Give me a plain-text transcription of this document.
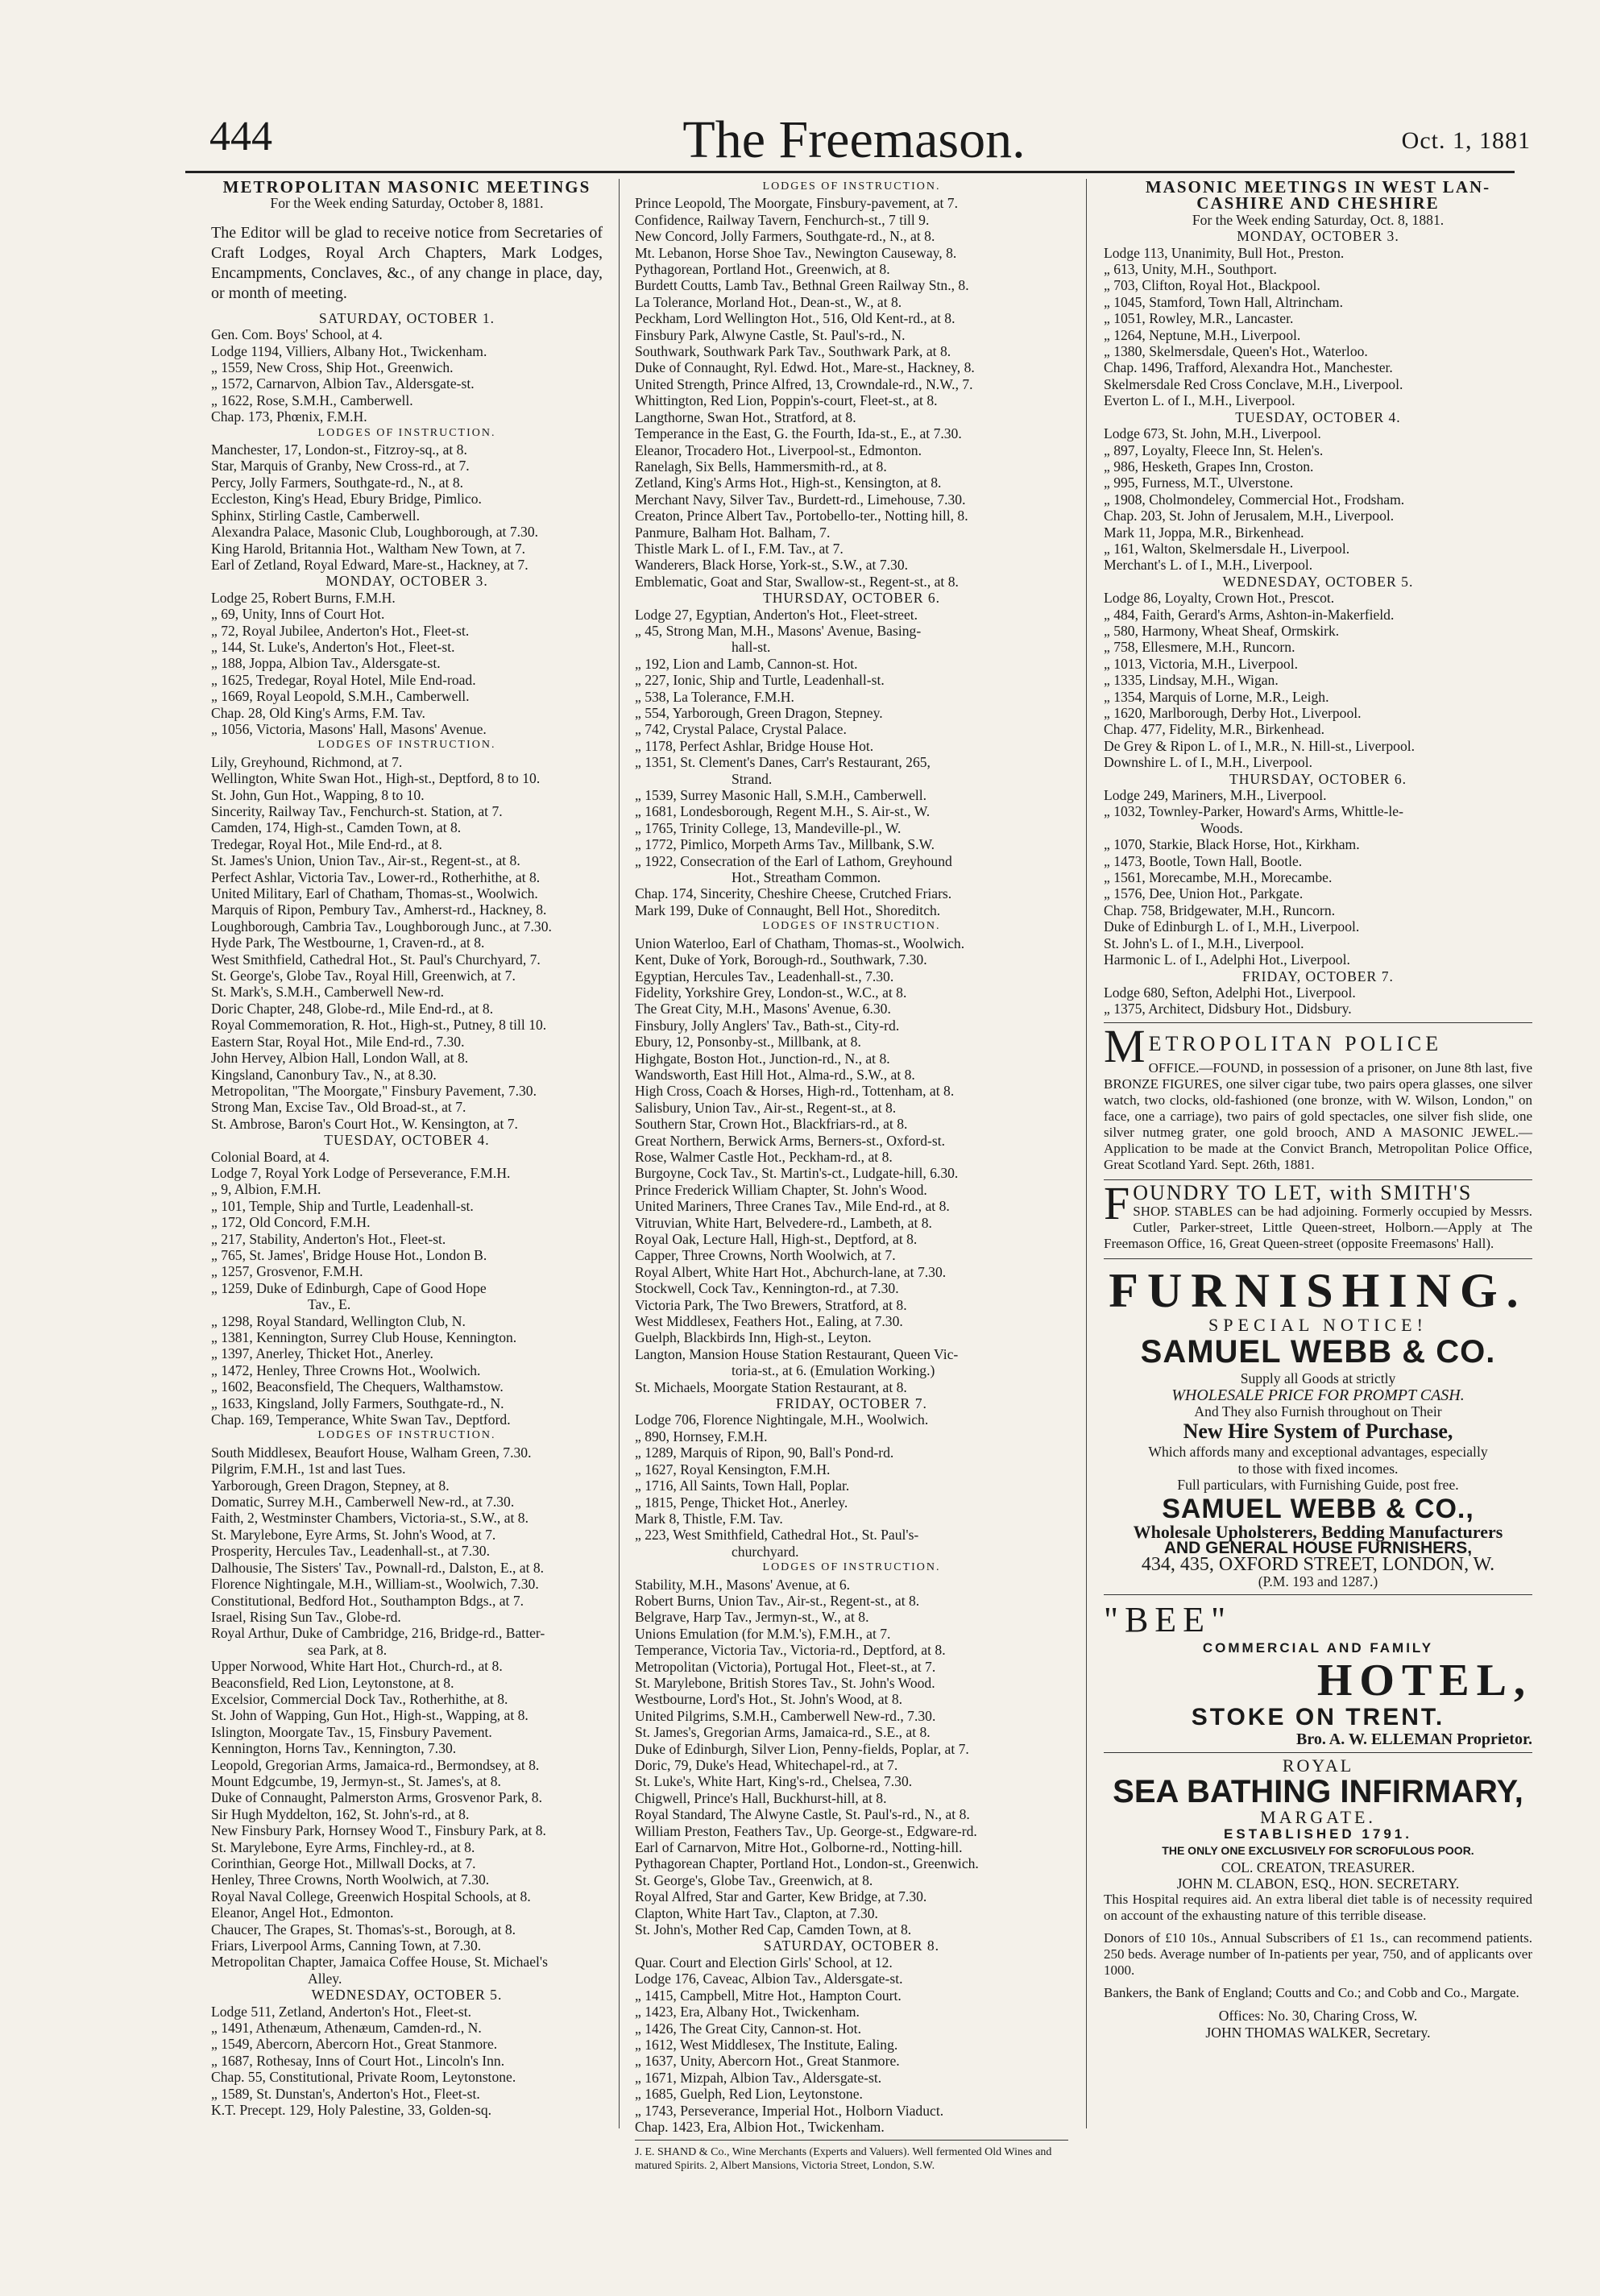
444	The Freemason.	Oct. 1, 1881
METROPOLITAN MASONIC MEETINGS
For the Week ending Saturday, October 8, 1881.
The Editor will be glad to receive notice from Secretaries of Craft Lodges, Royal Arch Chapters, Mark Lodges, Encampments, Conclaves, &c., of any change in place, day, or month of meeting.
SATURDAY, OCTOBER 1.
Gen. Com. Boys' School, at 4.
Lodge 1194, Villiers, Albany Hot., Twickenham.
„ 1559, New Cross, Ship Hot., Greenwich.
„ 1572, Carnarvon, Albion Tav., Aldersgate-st.
„ 1622, Rose, S.M.H., Camberwell.
Chap. 173, Phœnix, F.M.H.
LODGES OF INSTRUCTION.
Manchester, 17, London-st., Fitzroy-sq., at 8.
Star, Marquis of Granby, New Cross-rd., at 7.
Percy, Jolly Farmers, Southgate-rd., N., at 8.
Eccleston, King's Head, Ebury Bridge, Pimlico.
Sphinx, Stirling Castle, Camberwell.
Alexandra Palace, Masonic Club, Loughborough, at 7.30.
King Harold, Britannia Hot., Waltham New Town, at 7.
Earl of Zetland, Royal Edward, Mare-st., Hackney, at 7.
MONDAY, OCTOBER 3.
Lodge 25, Robert Burns, F.M.H.
„ 69, Unity, Inns of Court Hot.
„ 72, Royal Jubilee, Anderton's Hot., Fleet-st.
„ 144, St. Luke's, Anderton's Hot., Fleet-st.
„ 188, Joppa, Albion Tav., Aldersgate-st.
„ 1625, Tredegar, Royal Hotel, Mile End-road.
„ 1669, Royal Leopold, S.M.H., Camberwell.
Chap. 28, Old King's Arms, F.M. Tav.
„ 1056, Victoria, Masons' Hall, Masons' Avenue.
LODGES OF INSTRUCTION.
Lily, Greyhound, Richmond, at 7.
Wellington, White Swan Hot., High-st., Deptford, 8 to 10.
St. John, Gun Hot., Wapping, 8 to 10.
Sincerity, Railway Tav., Fenchurch-st. Station, at 7.
Camden, 174, High-st., Camden Town, at 8.
Tredegar, Royal Hot., Mile End-rd., at 8.
St. James's Union, Union Tav., Air-st., Regent-st., at 8.
Perfect Ashlar, Victoria Tav., Lower-rd., Rotherhithe, at 8.
United Military, Earl of Chatham, Thomas-st., Woolwich.
Marquis of Ripon, Pembury Tav., Amherst-rd., Hackney, 8.
Loughborough, Cambria Tav., Loughborough Junc., at 7.30.
Hyde Park, The Westbourne, 1, Craven-rd., at 8.
West Smithfield, Cathedral Hot., St. Paul's Churchyard, 7.
St. George's, Globe Tav., Royal Hill, Greenwich, at 7.
St. Mark's, S.M.H., Camberwell New-rd.
Doric Chapter, 248, Globe-rd., Mile End-rd., at 8.
Royal Commemoration, R. Hot., High-st., Putney, 8 till 10.
Eastern Star, Royal Hot., Mile End-rd., 7.30.
John Hervey, Albion Hall, London Wall, at 8.
Kingsland, Canonbury Tav., N., at 8.30.
Metropolitan, "The Moorgate," Finsbury Pavement, 7.30.
Strong Man, Excise Tav., Old Broad-st., at 7.
St. Ambrose, Baron's Court Hot., W. Kensington, at 7.
TUESDAY, OCTOBER 4.
Colonial Board, at 4.
Lodge 7, Royal York Lodge of Perseverance, F.M.H.
„ 9, Albion, F.M.H.
„ 101, Temple, Ship and Turtle, Leadenhall-st.
„ 172, Old Concord, F.M.H.
„ 217, Stability, Anderton's Hot., Fleet-st.
„ 765, St. James', Bridge House Hot., London B.
„ 1257, Grosvenor, F.M.H.
„ 1259, Duke of Edinburgh, Cape of Good Hope
Tav., E.
„ 1298, Royal Standard, Wellington Club, N.
„ 1381, Kennington, Surrey Club House, Kennington.
„ 1397, Anerley, Thicket Hot., Anerley.
„ 1472, Henley, Three Crowns Hot., Woolwich.
„ 1602, Beaconsfield, The Chequers, Walthamstow.
„ 1633, Kingsland, Jolly Farmers, Southgate-rd., N.
Chap. 169, Temperance, White Swan Tav., Deptford.
LODGES OF INSTRUCTION.
South Middlesex, Beaufort House, Walham Green, 7.30.
Pilgrim, F.M.H., 1st and last Tues.
Yarborough, Green Dragon, Stepney, at 8.
Domatic, Surrey M.H., Camberwell New-rd., at 7.30.
Faith, 2, Westminster Chambers, Victoria-st., S.W., at 8.
St. Marylebone, Eyre Arms, St. John's Wood, at 7.
Prosperity, Hercules Tav., Leadenhall-st., at 7.30.
Dalhousie, The Sisters' Tav., Pownall-rd., Dalston, E., at 8.
Florence Nightingale, M.H., William-st., Woolwich, 7.30.
Constitutional, Bedford Hot., Southampton Bdgs., at 7.
Israel, Rising Sun Tav., Globe-rd.
Royal Arthur, Duke of Cambridge, 216, Bridge-rd., Batter-
sea Park, at 8.
Upper Norwood, White Hart Hot., Church-rd., at 8.
Beaconsfield, Red Lion, Leytonstone, at 8.
Excelsior, Commercial Dock Tav., Rotherhithe, at 8.
St. John of Wapping, Gun Hot., High-st., Wapping, at 8.
Islington, Moorgate Tav., 15, Finsbury Pavement.
Kennington, Horns Tav., Kennington, 7.30.
Leopold, Gregorian Arms, Jamaica-rd., Bermondsey, at 8.
Mount Edgcumbe, 19, Jermyn-st., St. James's, at 8.
Duke of Connaught, Palmerston Arms, Grosvenor Park, 8.
Sir Hugh Myddelton, 162, St. John's-rd., at 8.
New Finsbury Park, Hornsey Wood T., Finsbury Park, at 8.
St. Marylebone, Eyre Arms, Finchley-rd., at 8.
Corinthian, George Hot., Millwall Docks, at 7.
Henley, Three Crowns, North Woolwich, at 7.30.
Royal Naval College, Greenwich Hospital Schools, at 8.
Eleanor, Angel Hot., Edmonton.
Chaucer, The Grapes, St. Thomas's-st., Borough, at 8.
Friars, Liverpool Arms, Canning Town, at 7.30.
Metropolitan Chapter, Jamaica Coffee House, St. Michael's
Alley.
WEDNESDAY, OCTOBER 5.
Lodge 511, Zetland, Anderton's Hot., Fleet-st.
„ 1491, Athenæum, Athenæum, Camden-rd., N.
„ 1549, Abercorn, Abercorn Hot., Great Stanmore.
„ 1687, Rothesay, Inns of Court Hot., Lincoln's Inn.
Chap. 55, Constitutional, Private Room, Leytonstone.
„ 1589, St. Dunstan's, Anderton's Hot., Fleet-st.
K.T. Precept. 129, Holy Palestine, 33, Golden-sq.
LODGES OF INSTRUCTION.
Prince Leopold, The Moorgate, Finsbury-pavement, at 7.
Confidence, Railway Tavern, Fenchurch-st., 7 till 9.
New Concord, Jolly Farmers, Southgate-rd., N., at 8.
Mt. Lebanon, Horse Shoe Tav., Newington Causeway, 8.
Pythagorean, Portland Hot., Greenwich, at 8.
Burdett Coutts, Lamb Tav., Bethnal Green Railway Stn., 8.
La Tolerance, Morland Hot., Dean-st., W., at 8.
Peckham, Lord Wellington Hot., 516, Old Kent-rd., at 8.
Finsbury Park, Alwyne Castle, St. Paul's-rd., N.
Southwark, Southwark Park Tav., Southwark Park, at 8.
Duke of Connaught, Ryl. Edwd. Hot., Mare-st., Hackney, 8.
United Strength, Prince Alfred, 13, Crowndale-rd., N.W., 7.
Whittington, Red Lion, Poppin's-court, Fleet-st., at 8.
Langthorne, Swan Hot., Stratford, at 8.
Temperance in the East, G. the Fourth, Ida-st., E., at 7.30.
Eleanor, Trocadero Hot., Liverpool-st., Edmonton.
Ranelagh, Six Bells, Hammersmith-rd., at 8.
Zetland, King's Arms Hot., High-st., Kensington, at 8.
Merchant Navy, Silver Tav., Burdett-rd., Limehouse, 7.30.
Creaton, Prince Albert Tav., Portobello-ter., Notting hill, 8.
Panmure, Balham Hot. Balham, 7.
Thistle Mark L. of I., F.M. Tav., at 7.
Wanderers, Black Horse, York-st., S.W., at 7.30.
Emblematic, Goat and Star, Swallow-st., Regent-st., at 8.
THURSDAY, OCTOBER 6.
Lodge 27, Egyptian, Anderton's Hot., Fleet-street.
„ 45, Strong Man, M.H., Masons' Avenue, Basing-
hall-st.
„ 192, Lion and Lamb, Cannon-st. Hot.
„ 227, Ionic, Ship and Turtle, Leadenhall-st.
„ 538, La Tolerance, F.M.H.
„ 554, Yarborough, Green Dragon, Stepney.
„ 742, Crystal Palace, Crystal Palace.
„ 1178, Perfect Ashlar, Bridge House Hot.
„ 1351, St. Clement's Danes, Carr's Restaurant, 265,
Strand.
„ 1539, Surrey Masonic Hall, S.M.H., Camberwell.
„ 1681, Londesborough, Regent M.H., S. Air-st., W.
„ 1765, Trinity College, 13, Mandeville-pl., W.
„ 1772, Pimlico, Morpeth Arms Tav., Millbank, S.W.
„ 1922, Consecration of the Earl of Lathom, Greyhound
Hot., Streatham Common.
Chap. 174, Sincerity, Cheshire Cheese, Crutched Friars.
Mark 199, Duke of Connaught, Bell Hot., Shoreditch.
LODGES OF INSTRUCTION.
Union Waterloo, Earl of Chatham, Thomas-st., Woolwich.
Kent, Duke of York, Borough-rd., Southwark, 7.30.
Egyptian, Hercules Tav., Leadenhall-st., 7.30.
Fidelity, Yorkshire Grey, London-st., W.C., at 8.
The Great City, M.H., Masons' Avenue, 6.30.
Finsbury, Jolly Anglers' Tav., Bath-st., City-rd.
Ebury, 12, Ponsonby-st., Millbank, at 8.
Highgate, Boston Hot., Junction-rd., N., at 8.
Wandsworth, East Hill Hot., Alma-rd., S.W., at 8.
High Cross, Coach & Horses, High-rd., Tottenham, at 8.
Salisbury, Union Tav., Air-st., Regent-st., at 8.
Southern Star, Crown Hot., Blackfriars-rd., at 8.
Great Northern, Berwick Arms, Berners-st., Oxford-st.
Rose, Walmer Castle Hot., Peckham-rd., at 8.
Burgoyne, Cock Tav., St. Martin's-ct., Ludgate-hill, 6.30.
Prince Frederick William Chapter, St. John's Wood.
United Mariners, Three Cranes Tav., Mile End-rd., at 8.
Vitruvian, White Hart, Belvedere-rd., Lambeth, at 8.
Royal Oak, Lecture Hall, High-st., Deptford, at 8.
Capper, Three Crowns, North Woolwich, at 7.
Royal Albert, White Hart Hot., Abchurch-lane, at 7.30.
Stockwell, Cock Tav., Kennington-rd., at 7.30.
Victoria Park, The Two Brewers, Stratford, at 8.
West Middlesex, Feathers Hot., Ealing, at 7.30.
Guelph, Blackbirds Inn, High-st., Leyton.
Langton, Mansion House Station Restaurant, Queen Vic-
toria-st., at 6. (Emulation Working.)
St. Michaels, Moorgate Station Restaurant, at 8.
FRIDAY, OCTOBER 7.
Lodge 706, Florence Nightingale, M.H., Woolwich.
„ 890, Hornsey, F.M.H.
„ 1289, Marquis of Ripon, 90, Ball's Pond-rd.
„ 1627, Royal Kensington, F.M.H.
„ 1716, All Saints, Town Hall, Poplar.
„ 1815, Penge, Thicket Hot., Anerley.
Mark 8, Thistle, F.M. Tav.
„ 223, West Smithfield, Cathedral Hot., St. Paul's-
churchyard.
LODGES OF INSTRUCTION.
Stability, M.H., Masons' Avenue, at 6.
Robert Burns, Union Tav., Air-st., Regent-st., at 8.
Belgrave, Harp Tav., Jermyn-st., W., at 8.
Unions Emulation (for M.M.'s), F.M.H., at 7.
Temperance, Victoria Tav., Victoria-rd., Deptford, at 8.
Metropolitan (Victoria), Portugal Hot., Fleet-st., at 7.
St. Marylebone, British Stores Tav., St. John's Wood.
Westbourne, Lord's Hot., St. John's Wood, at 8.
United Pilgrims, S.M.H., Camberwell New-rd., 7.30.
St. James's, Gregorian Arms, Jamaica-rd., S.E., at 8.
Duke of Edinburgh, Silver Lion, Penny-fields, Poplar, at 7.
Doric, 79, Duke's Head, Whitechapel-rd., at 7.
St. Luke's, White Hart, King's-rd., Chelsea, 7.30.
Chigwell, Prince's Hall, Buckhurst-hill, at 8.
Royal Standard, The Alwyne Castle, St. Paul's-rd., N., at 8.
William Preston, Feathers Tav., Up. George-st., Edgware-rd.
Earl of Carnarvon, Mitre Hot., Golborne-rd., Notting-hill.
Pythagorean Chapter, Portland Hot., London-st., Greenwich.
St. George's, Globe Tav., Greenwich, at 8.
Royal Alfred, Star and Garter, Kew Bridge, at 7.30.
Clapton, White Hart Tav., Clapton, at 7.30.
St. John's, Mother Red Cap, Camden Town, at 8.
SATURDAY, OCTOBER 8.
Quar. Court and Election Girls' School, at 12.
Lodge 176, Caveac, Albion Tav., Aldersgate-st.
„ 1415, Campbell, Mitre Hot., Hampton Court.
„ 1423, Era, Albany Hot., Twickenham.
„ 1426, The Great City, Cannon-st. Hot.
„ 1612, West Middlesex, The Institute, Ealing.
„ 1637, Unity, Abercorn Hot., Great Stanmore.
„ 1671, Mizpah, Albion Tav., Aldersgate-st.
„ 1685, Guelph, Red Lion, Leytonstone.
„ 1743, Perseverance, Imperial Hot., Holborn Viaduct.
Chap. 1423, Era, Albion Hot., Twickenham.
J. E. SHAND & Co., Wine Merchants (Experts and Valuers). Well fermented Old Wines and matured Spirits. 2, Albert Mansions, Victoria Street, London, S.W.
MASONIC MEETINGS IN WEST LAN-
CASHIRE AND CHESHIRE
For the Week ending Saturday, Oct. 8, 1881.
MONDAY, OCTOBER 3.
Lodge 113, Unanimity, Bull Hot., Preston.
„ 613, Unity, M.H., Southport.
„ 703, Clifton, Royal Hot., Blackpool.
„ 1045, Stamford, Town Hall, Altrincham.
„ 1051, Rowley, M.R., Lancaster.
„ 1264, Neptune, M.H., Liverpool.
„ 1380, Skelmersdale, Queen's Hot., Waterloo.
Chap. 1496, Trafford, Alexandra Hot., Manchester.
Skelmersdale Red Cross Conclave, M.H., Liverpool.
Everton L. of I., M.H., Liverpool.
TUESDAY, OCTOBER 4.
Lodge 673, St. John, M.H., Liverpool.
„ 897, Loyalty, Fleece Inn, St. Helen's.
„ 986, Hesketh, Grapes Inn, Croston.
„ 995, Furness, M.T., Ulverstone.
„ 1908, Cholmondeley, Commercial Hot., Frodsham.
Chap. 203, St. John of Jerusalem, M.H., Liverpool.
Mark 11, Joppa, M.R., Birkenhead.
„ 161, Walton, Skelmersdale H., Liverpool.
Merchant's L. of I., M.H., Liverpool.
WEDNESDAY, OCTOBER 5.
Lodge 86, Loyalty, Crown Hot., Prescot.
„ 484, Faith, Gerard's Arms, Ashton-in-Makerfield.
„ 580, Harmony, Wheat Sheaf, Ormskirk.
„ 758, Ellesmere, M.H., Runcorn.
„ 1013, Victoria, M.H., Liverpool.
„ 1335, Lindsay, M.H., Wigan.
„ 1354, Marquis of Lorne, M.R., Leigh.
„ 1620, Marlborough, Derby Hot., Liverpool.
Chap. 477, Fidelity, M.R., Birkenhead.
De Grey & Ripon L. of I., M.R., N. Hill-st., Liverpool.
Downshire L. of I., M.H., Liverpool.
THURSDAY, OCTOBER 6.
Lodge 249, Mariners, M.H., Liverpool.
„ 1032, Townley-Parker, Howard's Arms, Whittle-le-
Woods.
„ 1070, Starkie, Black Horse, Hot., Kirkham.
„ 1473, Bootle, Town Hall, Bootle.
„ 1561, Morecambe, M.H., Morecambe.
„ 1576, Dee, Union Hot., Parkgate.
Chap. 758, Bridgewater, M.H., Runcorn.
Duke of Edinburgh L. of I., M.H., Liverpool.
St. John's L. of I., M.H., Liverpool.
Harmonic L. of I., Adelphi Hot., Liverpool.
FRIDAY, OCTOBER 7.
Lodge 680, Sefton, Adelphi Hot., Liverpool.
„ 1375, Architect, Didsbury Hot., Didsbury.
M ETROPOLITAN POLICE
OFFICE.—FOUND, in possession of a prisoner, on June 8th last, five BRONZE FIGURES, one silver cigar tube, two pairs opera glasses, one silver watch, two clocks, old-fashioned (one bronze, with W. Wilson, London," on face, one a carriage), two pairs of gold spectacles, one silver fish slide, one silver nutmeg grater, one gold brooch, AND A MASONIC JEWEL.—Application to be made at the Convict Branch, Metropolitan Police Office, Great Scotland Yard. Sept. 26th, 1881.
F OUNDRY TO LET, with SMITH'S
SHOP. STABLES can be had adjoining. Formerly occupied by Messrs. Cutler, Parker-street, Little Queen-street, Holborn.—Apply at The Freemason Office, 16, Great Queen-street (opposite Freemasons' Hall).
FURNISHING.
SPECIAL NOTICE!
SAMUEL WEBB & CO.
Supply all Goods at strictly
WHOLESALE PRICE FOR PROMPT CASH.
And They also Furnish throughout on Their
New Hire System of Purchase,
Which affords many and exceptional advantages, especially
to those with fixed incomes.
Full particulars, with Furnishing Guide, post free.
SAMUEL WEBB & CO.,
Wholesale Upholsterers, Bedding Manufacturers
AND GENERAL HOUSE FURNISHERS,
434, 435, OXFORD STREET, LONDON, W.
(P.M. 193 and 1287.)
"BEE"
COMMERCIAL AND FAMILY
HOTEL,
STOKE ON TRENT.
Bro. A. W. ELLEMAN Proprietor.
ROYAL
SEA BATHING INFIRMARY,
MARGATE.
ESTABLISHED 1791.
THE ONLY ONE EXCLUSIVELY FOR SCROFULOUS POOR.
COL. CREATON, TREASURER.
JOHN M. CLABON, ESQ., HON. SECRETARY.
This Hospital requires aid. An extra liberal diet table is of necessity required on account of the exhausting nature of this terrible disease.
Donors of £10 10s., Annual Subscribers of £1 1s., can recommend patients. 250 beds. Average number of In-patients per year, 750, and of applicants over 1000.
Bankers, the Bank of England; Coutts and Co.; and Cobb and Co., Margate.
Offices: No. 30, Charing Cross, W.
JOHN THOMAS WALKER, Secretary.
